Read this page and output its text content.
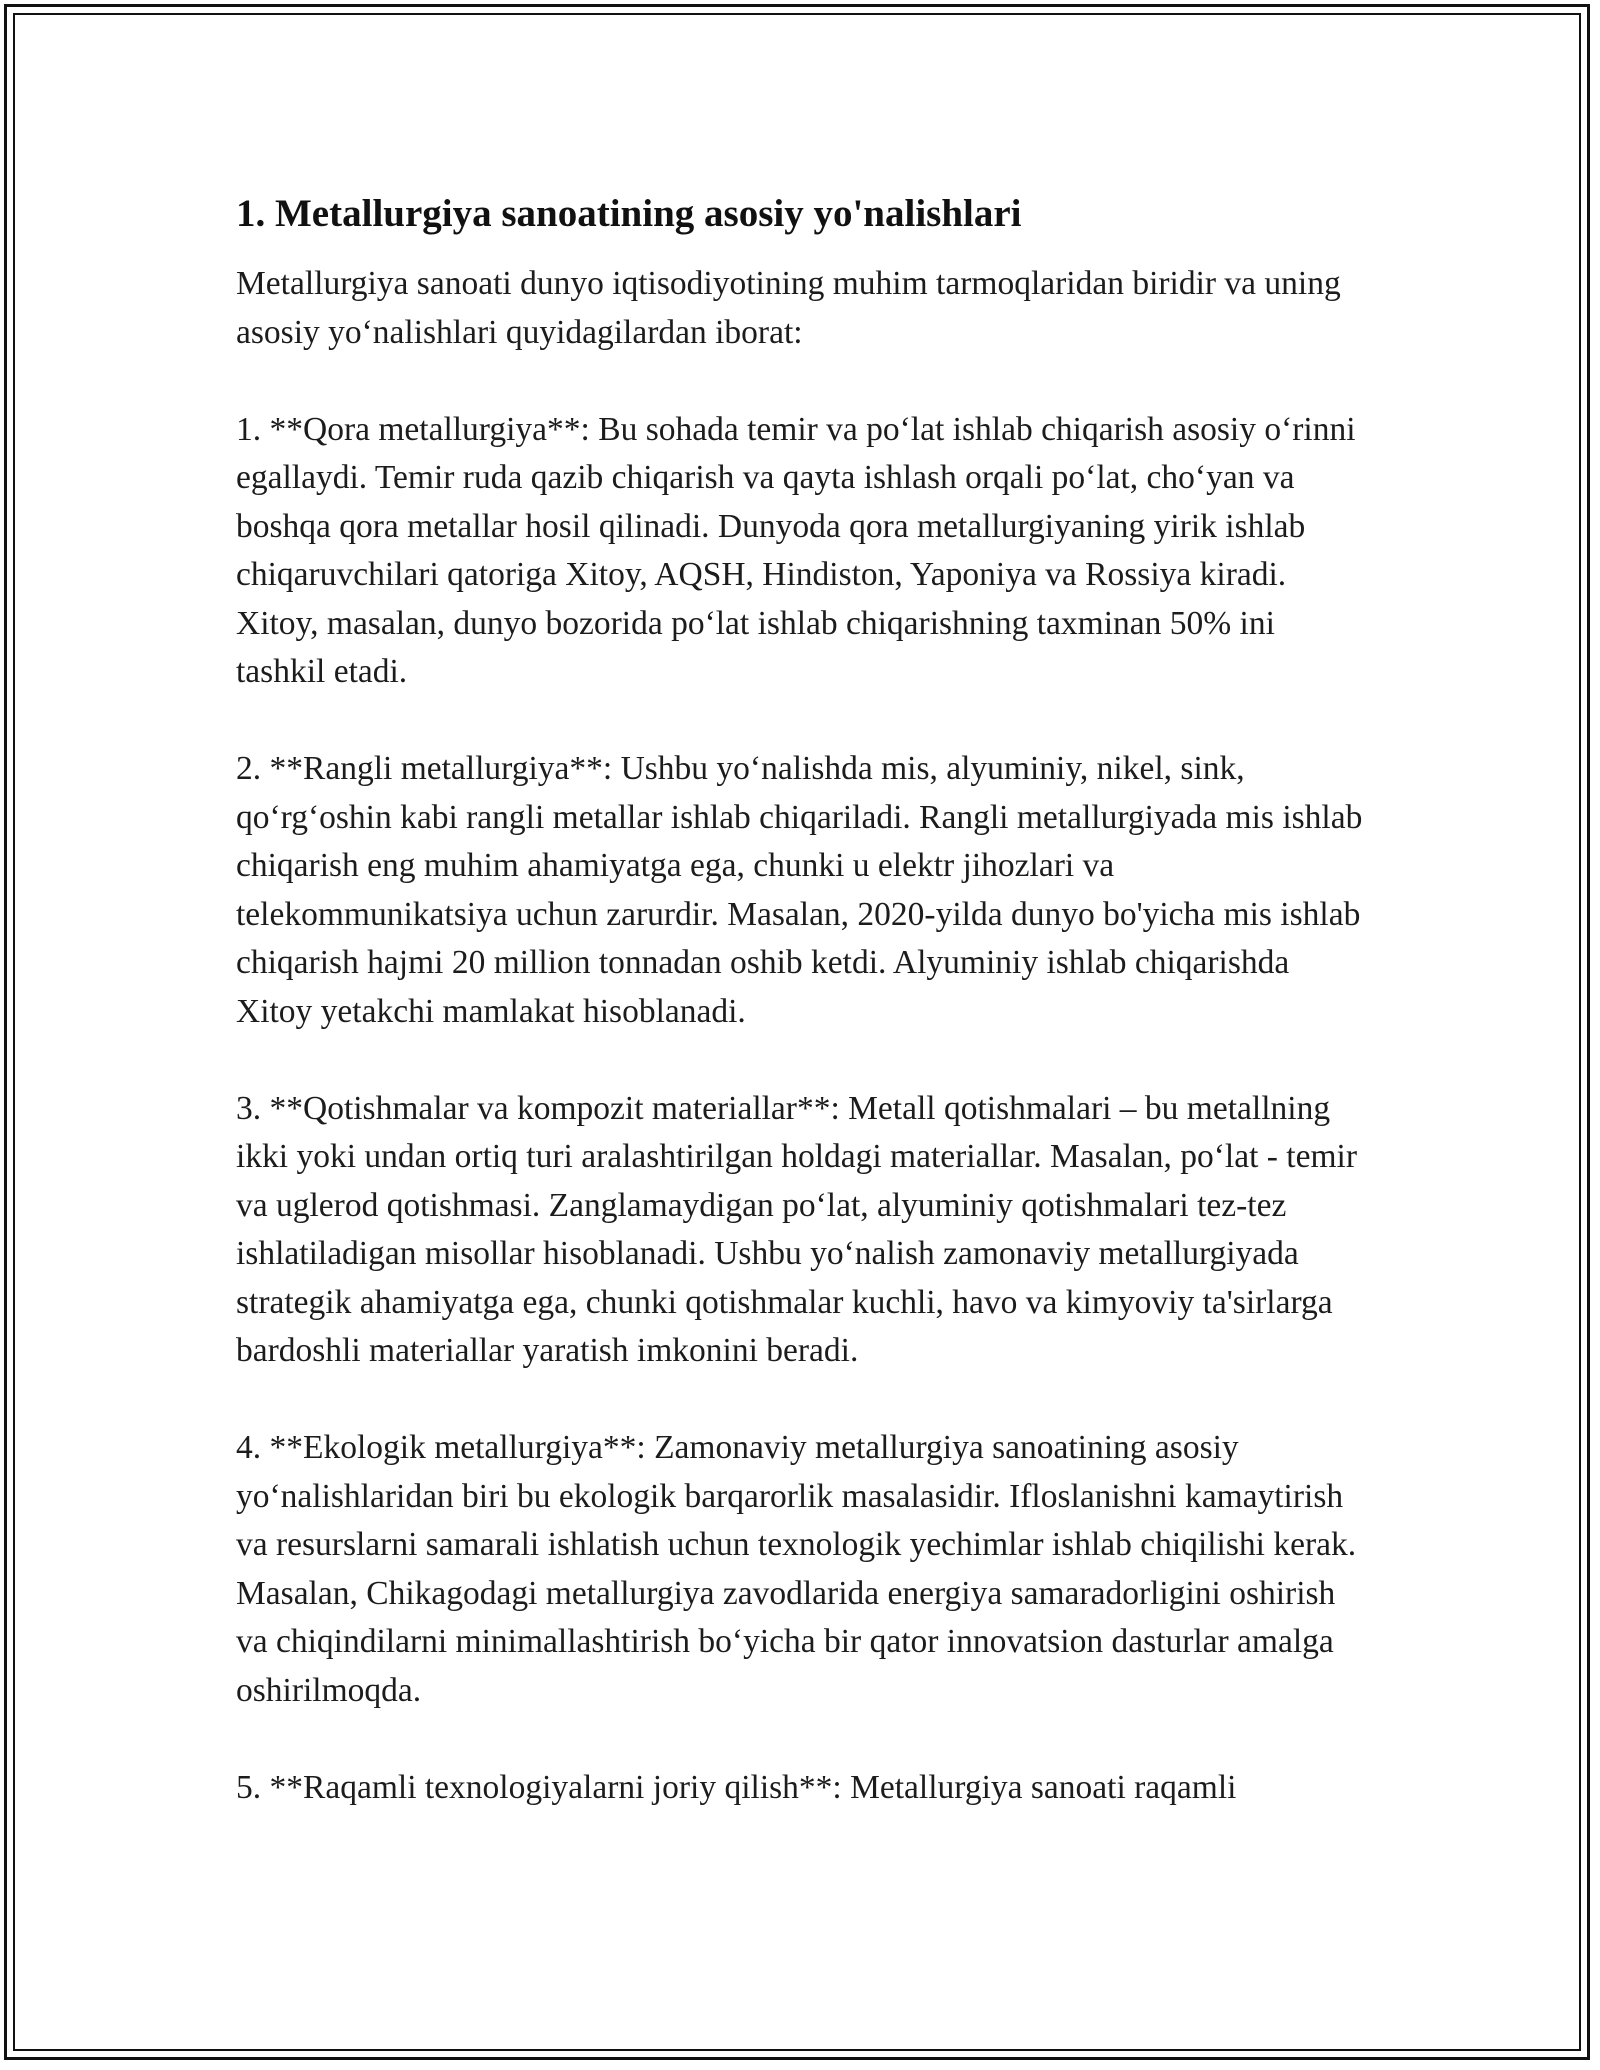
1. Metallurgiya sanoatining asosiy yo'nalishlari

Metallurgiya sanoati dunyo iqtisodiyotining muhim tarmoqlaridan biridir va uning asosiy yo‘nalishlari quyidagilardan iborat:

1. **Qora metallurgiya**: Bu sohada temir va po‘lat ishlab chiqarish asosiy o‘rinni egallaydi. Temir ruda qazib chiqarish va qayta ishlash orqali po‘lat, cho‘yan va boshqa qora metallar hosil qilinadi. Dunyoda qora metallurgiyaning yirik ishlab chiqaruvchilari qatoriga Xitoy, AQSH, Hindiston, Yaponiya va Rossiya kiradi. Xitoy, masalan, dunyo bozorida po‘lat ishlab chiqarishning taxminan 50% ini tashkil etadi.

2. **Rangli metallurgiya**: Ushbu yo‘nalishda mis, alyuminiy, nikel, sink, qo‘rg‘oshin kabi rangli metallar ishlab chiqariladi. Rangli metallurgiyada mis ishlab chiqarish eng muhim ahamiyatga ega, chunki u elektr jihozlari va telekommunikatsiya uchun zarurdir. Masalan, 2020-yilda dunyo bo'yicha mis ishlab chiqarish hajmi 20 million tonnadan oshib ketdi. Alyuminiy ishlab chiqarishda Xitoy yetakchi mamlakat hisoblanadi.

3. **Qotishmalar va kompozit materiallar**: Metall qotishmalari – bu metallning ikki yoki undan ortiq turi aralashtirilgan holdagi materiallar. Masalan, po‘lat - temir va uglerod qotishmasi. Zanglamaydigan po‘lat, alyuminiy qotishmalari tez-tez ishlatiladigan misollar hisoblanadi. Ushbu yo‘nalish zamonaviy metallurgiyada strategik ahamiyatga ega, chunki qotishmalar kuchli, havo va kimyoviy ta'sirlarga bardoshli materiallar yaratish imkonini beradi.

4. **Ekologik metallurgiya**: Zamonaviy metallurgiya sanoatining asosiy yo‘nalishlaridan biri bu ekologik barqarorlik masalasidir. Ifloslanishni kamaytirish va resurslarni samarali ishlatish uchun texnologik yechimlar ishlab chiqilishi kerak. Masalan, Chikagodagi metallurgiya zavodlarida energiya samaradorligini oshirish va chiqindilarni minimallashtirish bo‘yicha bir qator innovatsion dasturlar amalga oshirilmoqda.

5. **Raqamli texnologiyalarni joriy qilish**: Metallurgiya sanoati raqamli
